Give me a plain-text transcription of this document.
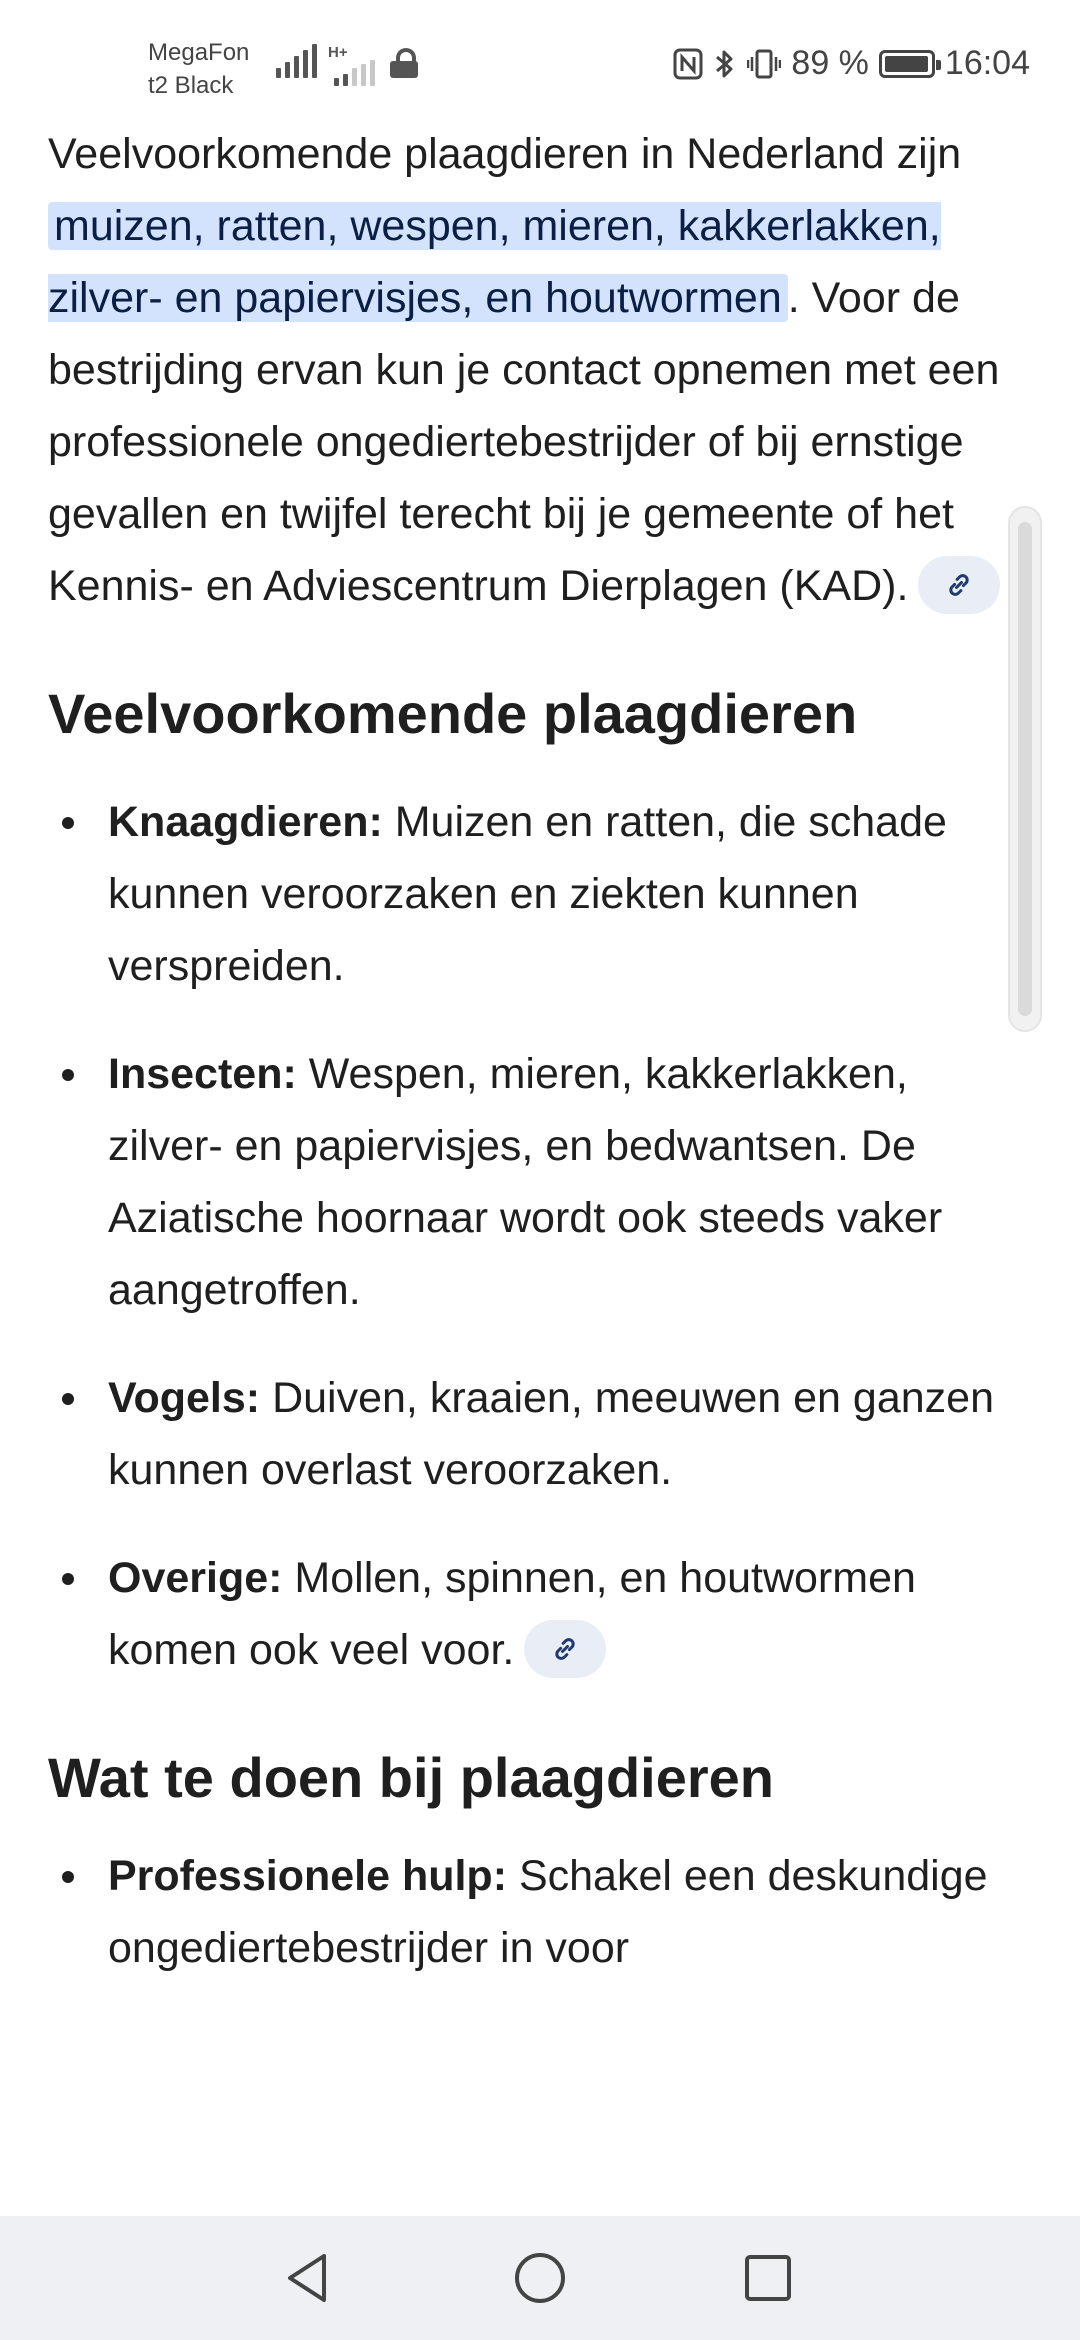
MegaFon
t2 Black
H+	89 % 16:04

Veelvoorkomende plaagdieren in Nederland zijn muizen, ratten, wespen, mieren, kakkerlakken, zilver- en papiervisjes, en houtwormen . Voor de bestrijding ervan kun je contact opnemen met een professionele ongediertebestrijder of bij ernstige gevallen en twijfel terecht bij je gemeente of het Kennis- en Adviescentrum Dierplagen (KAD).

Veelvoorkomende plaagdieren
Knaagdieren: Muizen en ratten, die schade kunnen veroorzaken en ziekten kunnen verspreiden.
Insecten: Wespen, mieren, kakkerlakken, zilver- en papiervisjes, en bedwantsen. De Aziatische hoornaar wordt ook steeds vaker aangetroffen.
Vogels: Duiven, kraaien, meeuwen en ganzen kunnen overlast veroorzaken.
Overige: Mollen, spinnen, en houtwormen komen ook veel voor.
Wat te doen bij plaagdieren
Professionele hulp: Schakel een deskundige ongediertebestrijder in voor
